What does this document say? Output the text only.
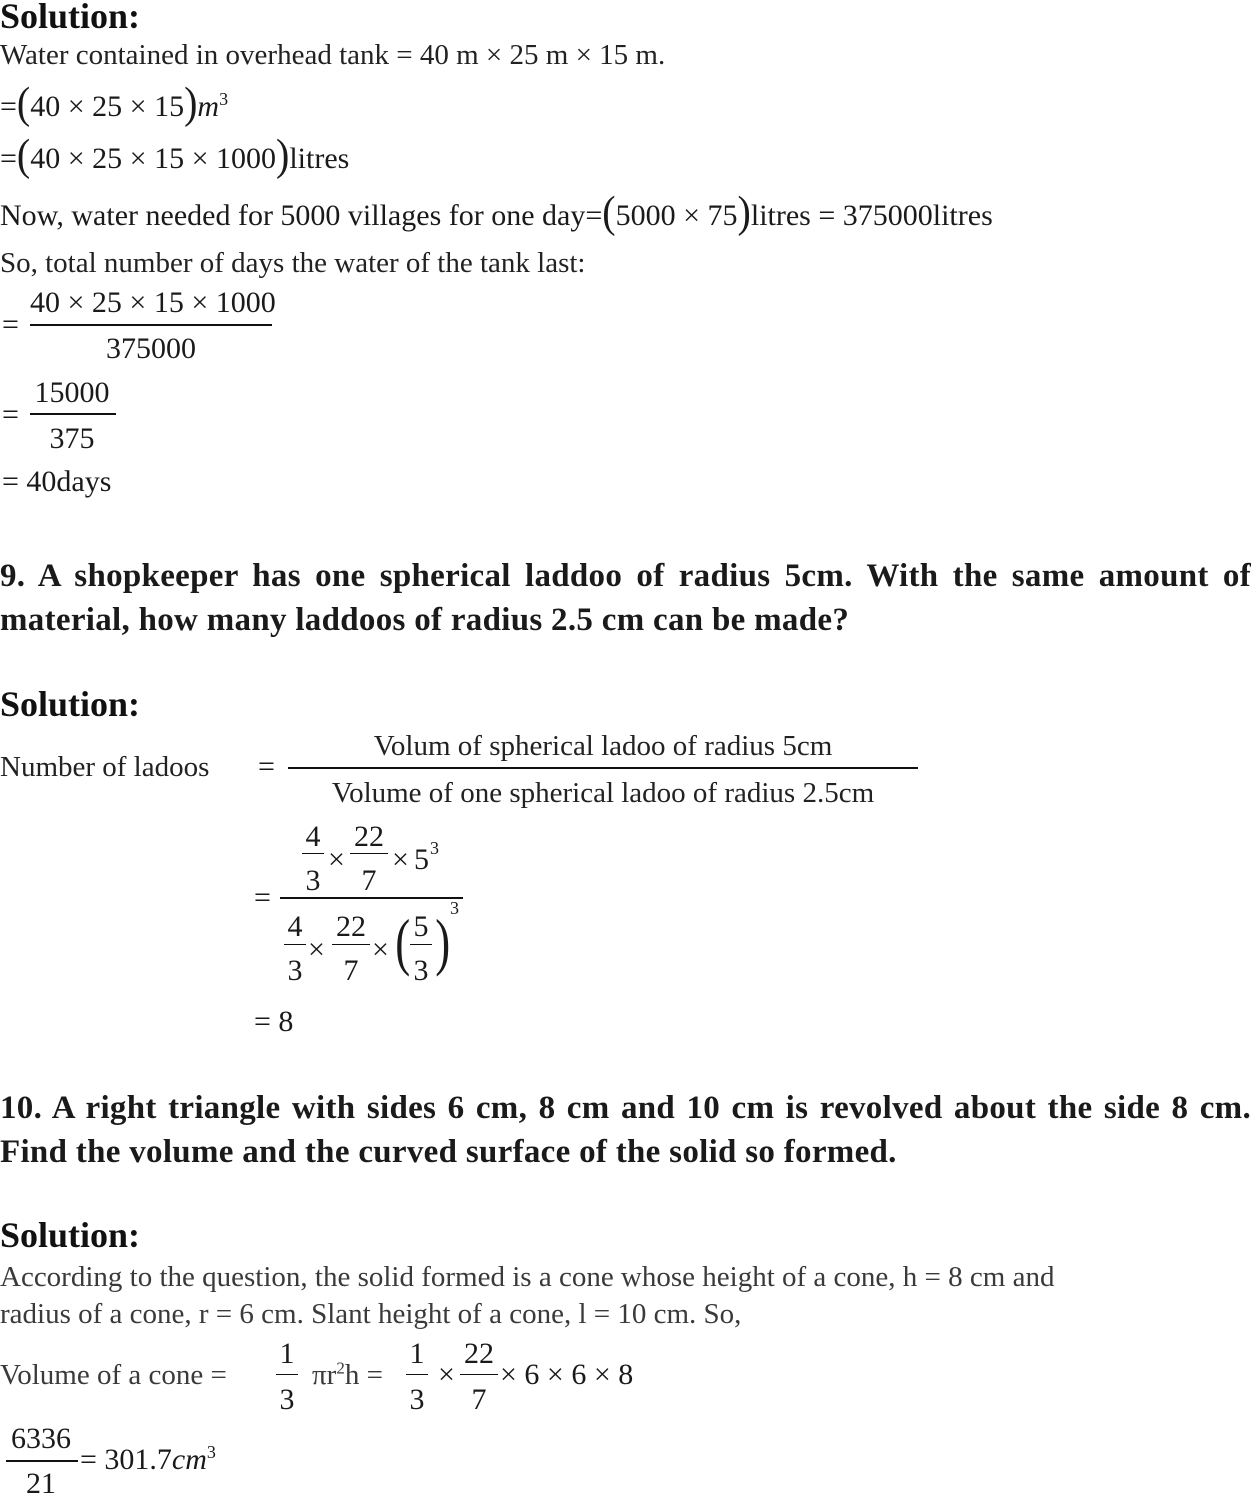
Solution:
Water contained in overhead tank = 40 m × 25 m × 15 m.
$=(40 \times 25 \times 15)m^3$
=(40 × 25 × 15 × 1000)litres
Now, water needed for 5000 villages for one day=(5000 × 75)litres = 375000litres
So, total number of days the water of the tank last:
=
40 × 25 × 15 × 1000
375000
=
15000
375
= 40days
9. A shopkeeper has one spherical laddoo of radius 5cm. With the same amount of material, how many laddoos of radius 2.5 cm can be made?
Solution:
Number of ladoos =
Volum of spherical ladoo of radius 5cm
Volume of one spherical ladoo of radius 2.5cm
=
4
3
×
22
7
× 5 3
4
3
×
22
7
× ( 5
3 ) 3
= 8
10. A right triangle with sides 6 cm, 8 cm and 10 cm is revolved about the side 8 cm. Find the volume and the curved surface of the solid so formed.
Solution:
According to the question, the solid formed is a cone whose height of a cone, h = 8 cm and
radius of a cone, r = 6 cm. Slant height of a cone, l = 10 cm. So,
Volume of a cone =
1
3
$\pi r^2h$ =
1
3
×
22
7
× 6 × 6 × 8
6336
21
= $301.7cm^3$
